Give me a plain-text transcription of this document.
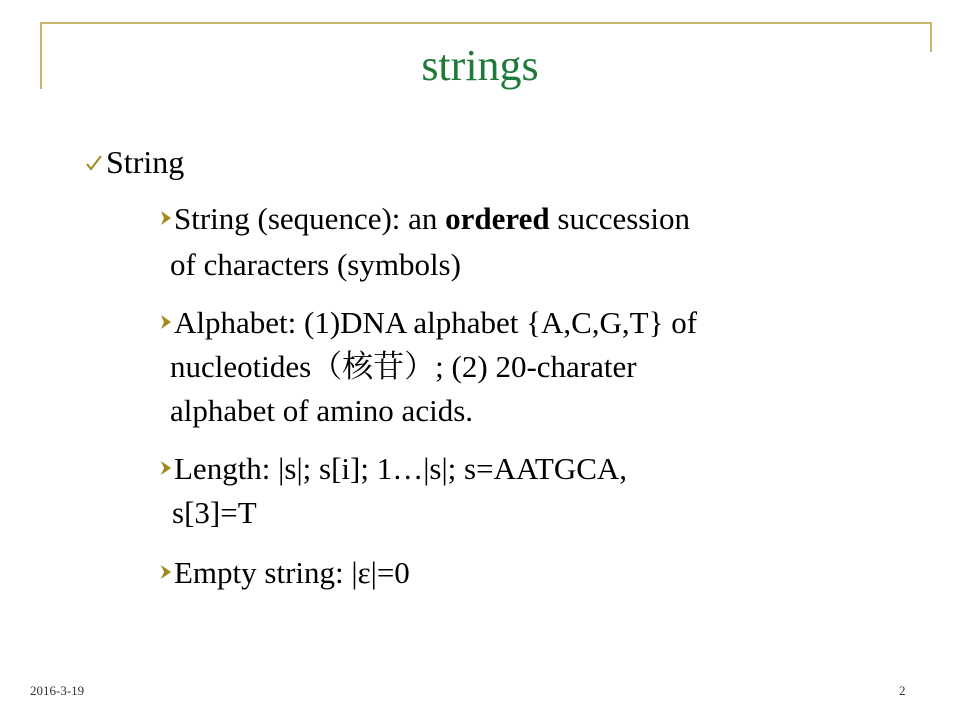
strings
String
String (sequence): an ordered succession
of characters (symbols)
Alphabet: (1)DNA alphabet {A,C,G,T} of
nucleotides（核苷）; (2) 20-charater
alphabet of amino acids.
Length: |s|; s[i]; 1…|s|; s=AATGCA,
s[3]=T
Empty string: |ε|=0
2016-3-19	2
